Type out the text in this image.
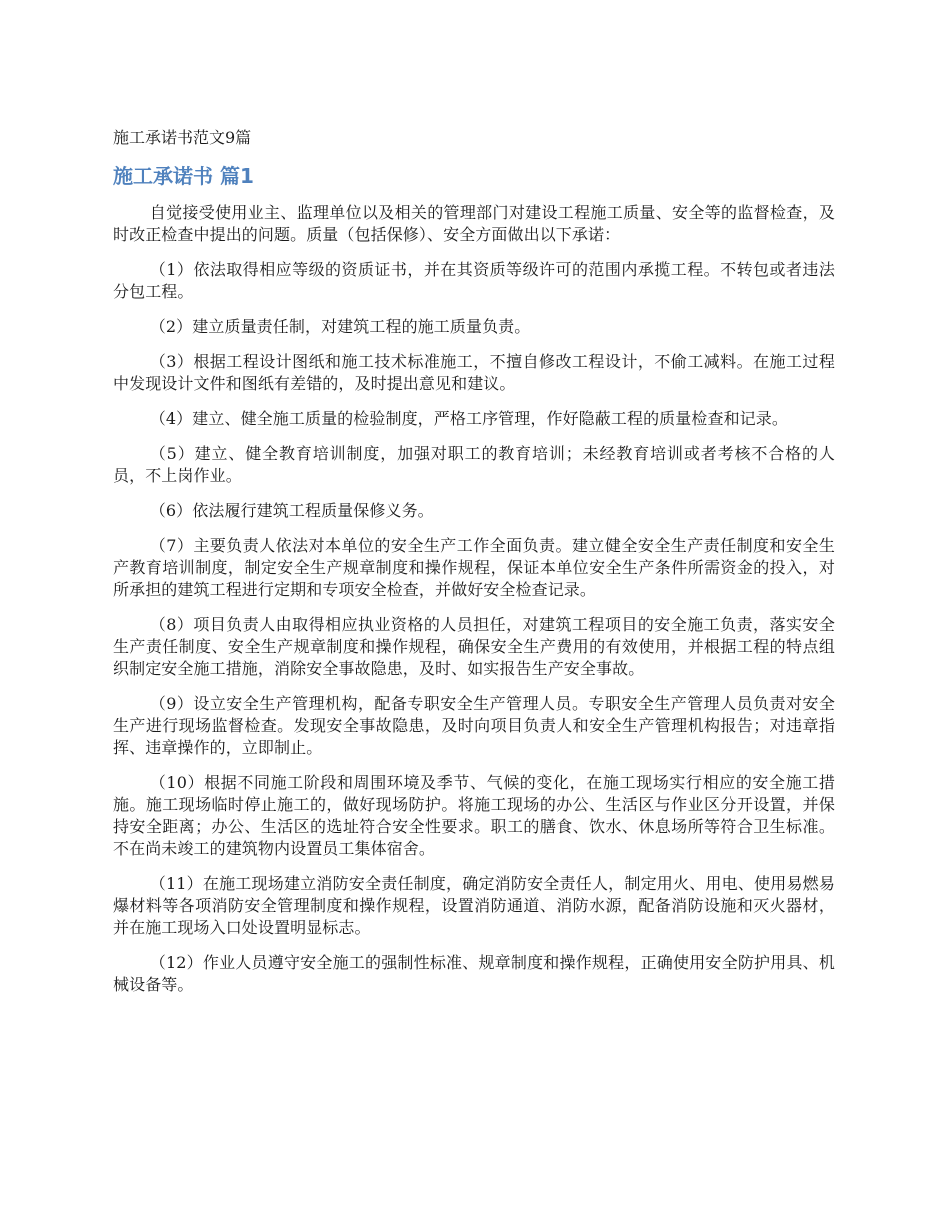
施工承诺书范文9篇
施工承诺书 篇1

自觉接受使用业主、监理单位以及相关的管理部门对建设工程施工质量、安全等的监督检查，及时改正检查中提出的问题。质量（包括保修）、安全方面做出以下承诺：

（1）依法取得相应等级的资质证书，并在其资质等级许可的范围内承揽工程。不转包或者违法分包工程。

（2）建立质量责任制，对建筑工程的施工质量负责。

（3）根据工程设计图纸和施工技术标准施工，不擅自修改工程设计，不偷工减料。在施工过程中发现设计文件和图纸有差错的，及时提出意见和建议。

（4）建立、健全施工质量的检验制度，严格工序管理，作好隐蔽工程的质量检查和记录。

（5）建立、健全教育培训制度，加强对职工的教育培训；未经教育培训或者考核不合格的人员，不上岗作业。

（6）依法履行建筑工程质量保修义务。

（7）主要负责人依法对本单位的安全生产工作全面负责。建立健全安全生产责任制度和安全生产教育培训制度，制定安全生产规章制度和操作规程，保证本单位安全生产条件所需资金的投入，对所承担的建筑工程进行定期和专项安全检查，并做好安全检查记录。

（8）项目负责人由取得相应执业资格的人员担任，对建筑工程项目的安全施工负责，落实安全生产责任制度、安全生产规章制度和操作规程，确保安全生产费用的有效使用，并根据工程的特点组织制定安全施工措施，消除安全事故隐患，及时、如实报告生产安全事故。

（9）设立安全生产管理机构，配备专职安全生产管理人员。专职安全生产管理人员负责对安全生产进行现场监督检查。发现安全事故隐患，及时向项目负责人和安全生产管理机构报告；对违章指挥、违章操作的，立即制止。

（10）根据不同施工阶段和周围环境及季节、气候的变化，在施工现场实行相应的安全施工措施。施工现场临时停止施工的，做好现场防护。将施工现场的办公、生活区与作业区分开设置，并保持安全距离；办公、生活区的选址符合安全性要求。职工的膳食、饮水、休息场所等符合卫生标准。不在尚未竣工的建筑物内设置员工集体宿舍。

（11）在施工现场建立消防安全责任制度，确定消防安全责任人，制定用火、用电、使用易燃易爆材料等各项消防安全管理制度和操作规程，设置消防通道、消防水源，配备消防设施和灭火器材，并在施工现场入口处设置明显标志。

（12）作业人员遵守安全施工的强制性标准、规章制度和操作规程，正确使用安全防护用具、机械设备等。
